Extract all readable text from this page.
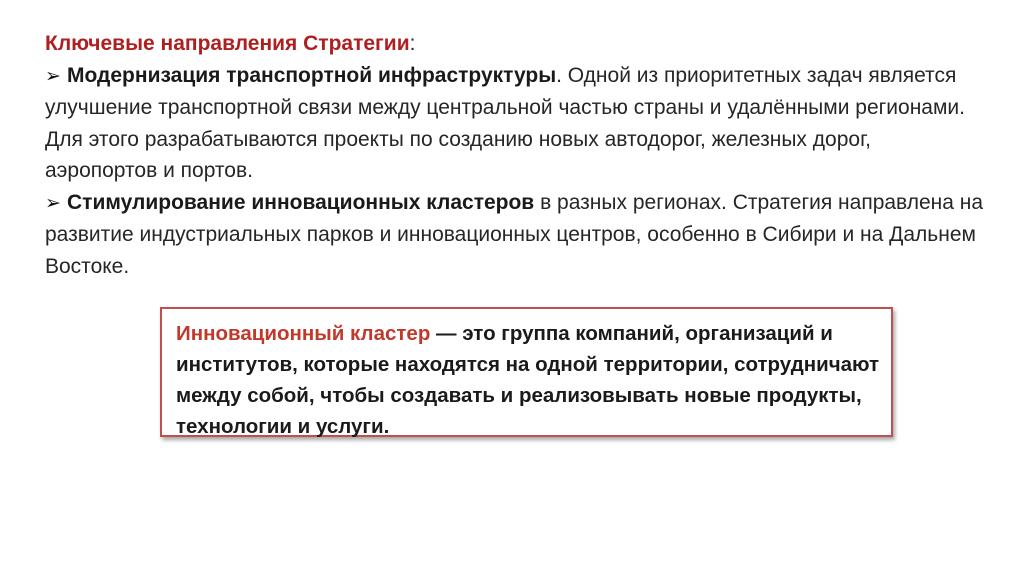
Ключевые направления Стратегии:
➢ Модернизация транспортной инфраструктуры. Одной из приоритетных задач является улучшение транспортной связи между центральной частью страны и удалёнными регионами. Для этого разрабатываются проекты по созданию новых автодорог, железных дорог, аэропортов и портов.
➢ Стимулирование инновационных кластеров в разных регионах. Стратегия направлена на развитие индустриальных парков и инновационных центров, особенно в Сибири и на Дальнем Востоке.
Инновационный кластер — это группа компаний, организаций и институтов, которые находятся на одной территории, сотрудничают между собой, чтобы создавать и реализовывать новые продукты, технологии и услуги.
